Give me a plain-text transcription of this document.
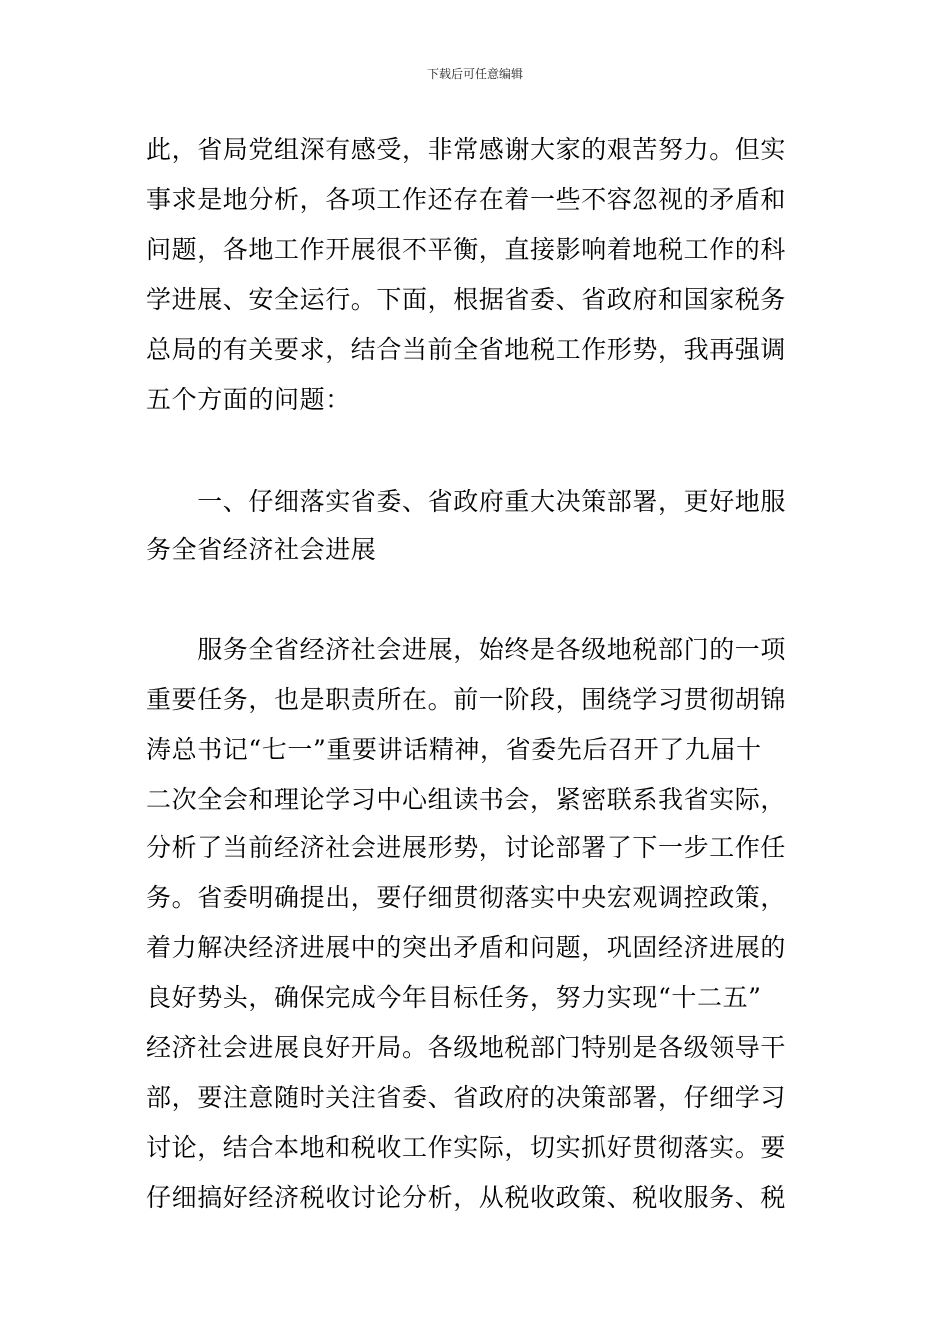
下载后可任意编辑
此，省局党组深有感受，非常感谢大家的艰苦努力。但实
事求是地分析，各项工作还存在着一些不容忽视的矛盾和
问题，各地工作开展很不平衡，直接影响着地税工作的科
学进展、安全运行。下面，根据省委、省政府和国家税务
总局的有关要求，结合当前全省地税工作形势，我再强调
五个方面的问题：
　　一、仔细落实省委、省政府重大决策部署，更好地服
务全省经济社会进展
　　服务全省经济社会进展，始终是各级地税部门的一项
重要任务，也是职责所在。前一阶段，围绕学习贯彻胡锦
涛总书记“七一”重要讲话精神，省委先后召开了九届十
二次全会和理论学习中心组读书会，紧密联系我省实际，
分析了当前经济社会进展形势，讨论部署了下一步工作任
务。省委明确提出，要仔细贯彻落实中央宏观调控政策，
着力解决经济进展中的突出矛盾和问题，巩固经济进展的
良好势头，确保完成今年目标任务，努力实现“十二五”
经济社会进展良好开局。各级地税部门特别是各级领导干
部，要注意随时关注省委、省政府的决策部署，仔细学习
讨论，结合本地和税收工作实际，切实抓好贯彻落实。要
仔细搞好经济税收讨论分析，从税收政策、税收服务、税
